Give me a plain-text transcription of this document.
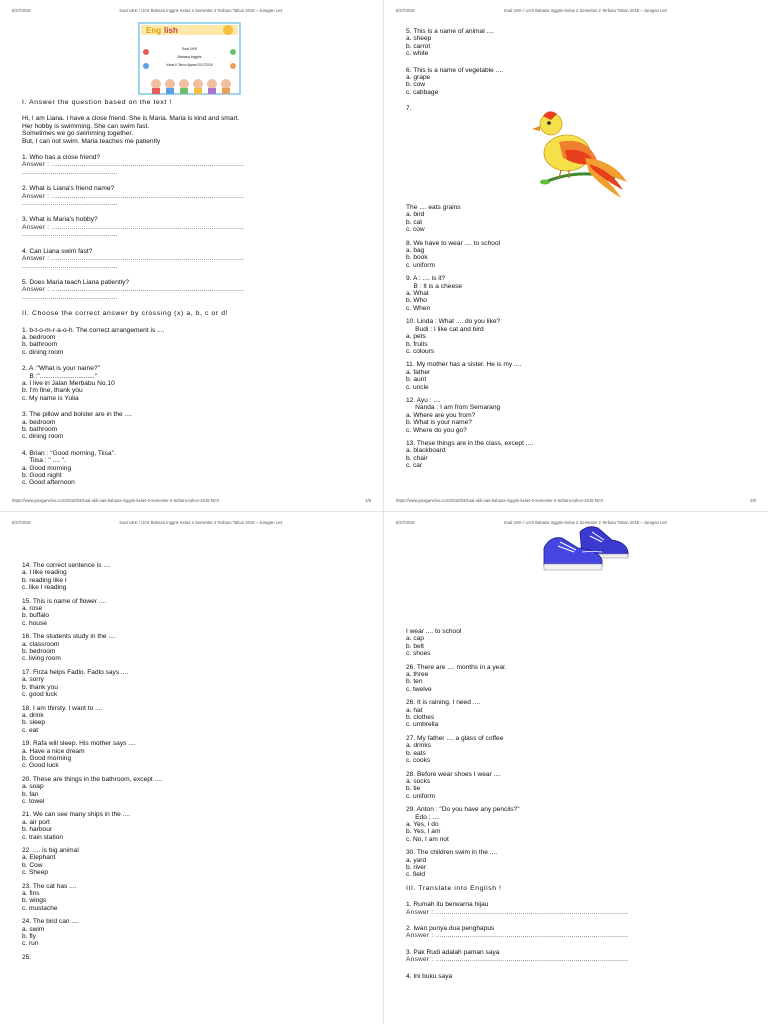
6/27/2019	Soal UKK / UAS Bahasa Inggris Kelas 2 Semester 2 Terbaru Tahun 2018 – Juragan Les
Eng lish
Soal UKK
Bahasa Inggris
Kelas II Tahun Ajaran 2017/2018
I. Answer the question based on the text !
Hi, I am Liana. I have a close friend. She is Maria. Maria is kind and smart.
Her hobby is swimming. She can swim fast.
Sometimes we go swimming together.
But, I can not swim. Maria teaches me patiently
1. Who has a close friend?
Answer : ...............................................................................................
...............................................
2. What is Liana's friend name?
Answer : ...............................................................................................
...............................................
3. What is Maria's hobby?
Answer : ...............................................................................................
...............................................
4. Can Liana swim fast?
Answer : ...............................................................................................
...............................................
5. Does Maria teach Liana patiently?
Answer : ...............................................................................................
...............................................
II. Choose the correct answer by crossing (x) a, b, c or d!
1. b-t-o-m-r-a-o-h. The correct arrangement is ....
a. bedroom
b. bathroom
c. dining room
2. A :"What is your name?"
B :".............................."
a. I live in Jalan Merbabu No.10
b. I'm fine, thank you
c. My name is Yulia
3. The pillow and bolster are in the ....
a. bedroom
b. bathroom
c. dining room
4. Brian : "Good morning, Tiisa".
Tiisa : " .... ".
a. Good morning
b. Good night
c. Good afternoon
https://www.juragancles.com/2018/03/soal-ukk-uas-bahasa-inggris-kelas-2-semester-2-terbaru-tahun-2018.html	1/6
6/27/2019	Soal UKK / UAS Bahasa Inggris Kelas 2 Semester 2 Terbaru Tahun 2018 – Juragan Les
5. This is a name of animal ....
a. sheep
b. carrot
c. white
6. This is a name of vegetable ....
a. grape
b. cow
c. cabbage
7.
The .... eats grains
a. bird
b. cat
c. cow
8. We have to wear .... to school
a. bag
b. book
c. uniform
9. A : .... is it?
B : It is a cheese
a. What
b. Who
c. When
10. Linda : What .... do you like?
Budi : I like cat and bird
a. pets
b. fruits
c. colours
11. My mother has a sister. He is my ....
a. father
b. aunt
c. uncle
12. Ayu : ....
Nanda : I am from Semarang
a. Where are you from?
b. What is your name?
c. Where do you go?
13. These things are in the class, except ....
a. blackboard
b. chair
c. car
https://www.juragancles.com/2018/03/soal-ukk-uas-bahasa-inggris-kelas-2-semester-2-terbaru-tahun-2018.html	2/6
6/27/2019	Soal UKK / UAS Bahasa Inggris Kelas 2 Semester 2 Terbaru Tahun 2018 – Juragan Les
14. The correct sentence is ....
a. I like reading
b. reading like I
c. like I reading
15. This is name of flower ....
a. rose
b. buffalo
c. house
16. The students study in the ....
a. classroom
b. bedroom
c. living room
17. Firza helps Fadlo. Fadlo says ....
a. sorry
b. thank you
c. good luck
18. I am thirsty. I want to ....
a. drink
b. sleep
c. eat
19. Rafa will sleep. His mother says ....
a. Have a nice dream
b. Good morning
c. Good luck
20. These are things in the bathroom, except ....
a. soap
b. fan
c. towel
21. We can see many ships in the ....
a. air port
b. harbour
c. train station
22. .... is big animal
a. Elephant
b. Cow
c. Sheep
23. The cat has ....
a. fins
b. wings
c. mustache
24. The bird can ....
a. swim
b. fly
c. run
25.
6/27/2019	Soal UKK / UAS Bahasa Inggris Kelas 2 Semester 2 Terbaru Tahun 2018 – Juragan Les
I wear .... to school
a. cap
b. belt
c. shoes
26. There are .... months in a year.
a. three
b. ten
c. twelve
26. It is raining. I need ....
a. hat
b. clothes
c. umbrella
27. My father .... a glass of coffee
a. drinks
b. eats
c. cooks
28. Before wear shoes I wear ....
a. socks
b. tie
c. uniform
29. Anton : "Do you have any pencils?"
Edo : ....
a. Yes, I do
b. Yes, I am
c. No, I am not
30. The children swim in the ....
a. yard
b. river
c. field
III. Translate into English !
1. Rumah itu berwarna hijau
Answer : ...............................................................................................
2. Iwan punya dua penghapus
Answer : ...............................................................................................
3. Pak Rudi adalah paman saya
Answer : ...............................................................................................
4. Ini buku saya
